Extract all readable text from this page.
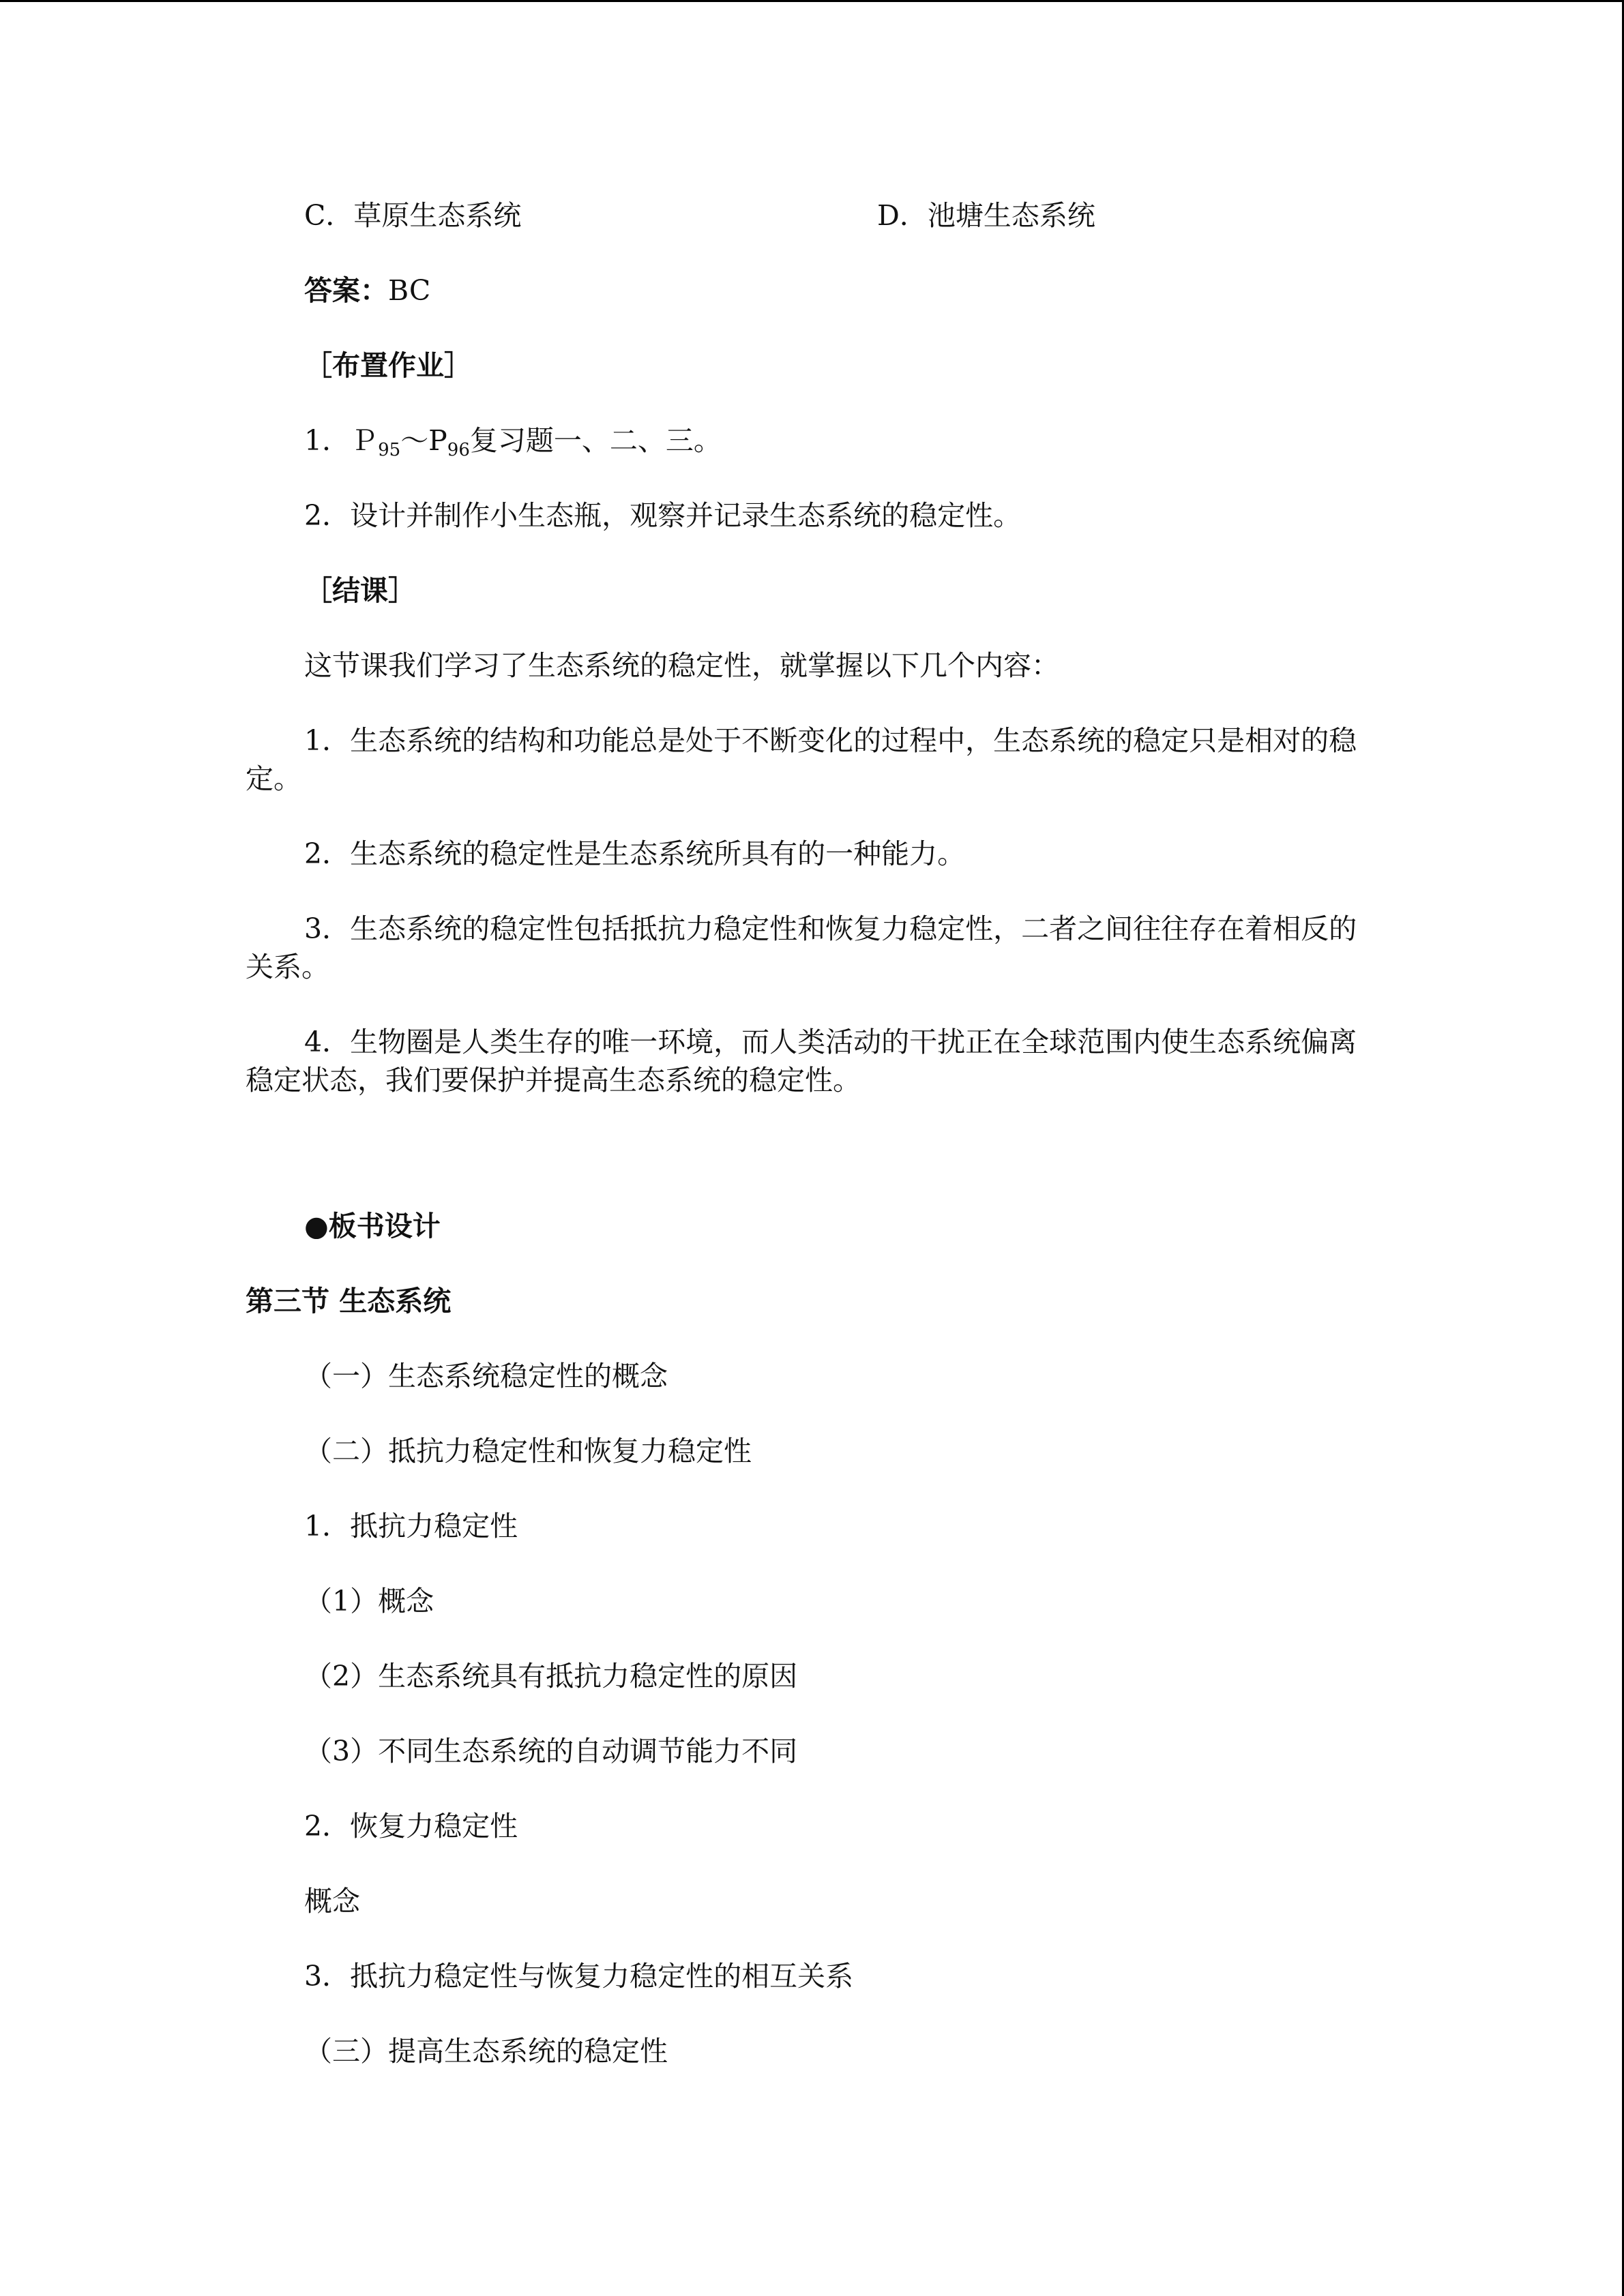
C．草原生态系统	D．池塘生态系统
答案：BC
［布置作业］
1．$P_{95}\sim P_{96}$复习题一、二、三。
2．设计并制作小生态瓶，观察并记录生态系统的稳定性。
［结课］
这节课我们学习了生态系统的稳定性，就掌握以下几个内容：
1．生态系统的结构和功能总是处于不断变化的过程中，生态系统的稳定只是相对的稳定。
2．生态系统的稳定性是生态系统所具有的一种能力。
3．生态系统的稳定性包括抵抗力稳定性和恢复力稳定性，二者之间往往存在着相反的关系。
4．生物圈是人类生存的唯一环境，而人类活动的干扰正在全球范围内使生态系统偏离稳定状态，我们要保护并提高生态系统的稳定性。
●板书设计
第三节 生态系统
（一）生态系统稳定性的概念
（二）抵抗力稳定性和恢复力稳定性
1．抵抗力稳定性
（1）概念
（2）生态系统具有抵抗力稳定性的原因
（3）不同生态系统的自动调节能力不同
2．恢复力稳定性
概念
3．抵抗力稳定性与恢复力稳定性的相互关系
（三）提高生态系统的稳定性
